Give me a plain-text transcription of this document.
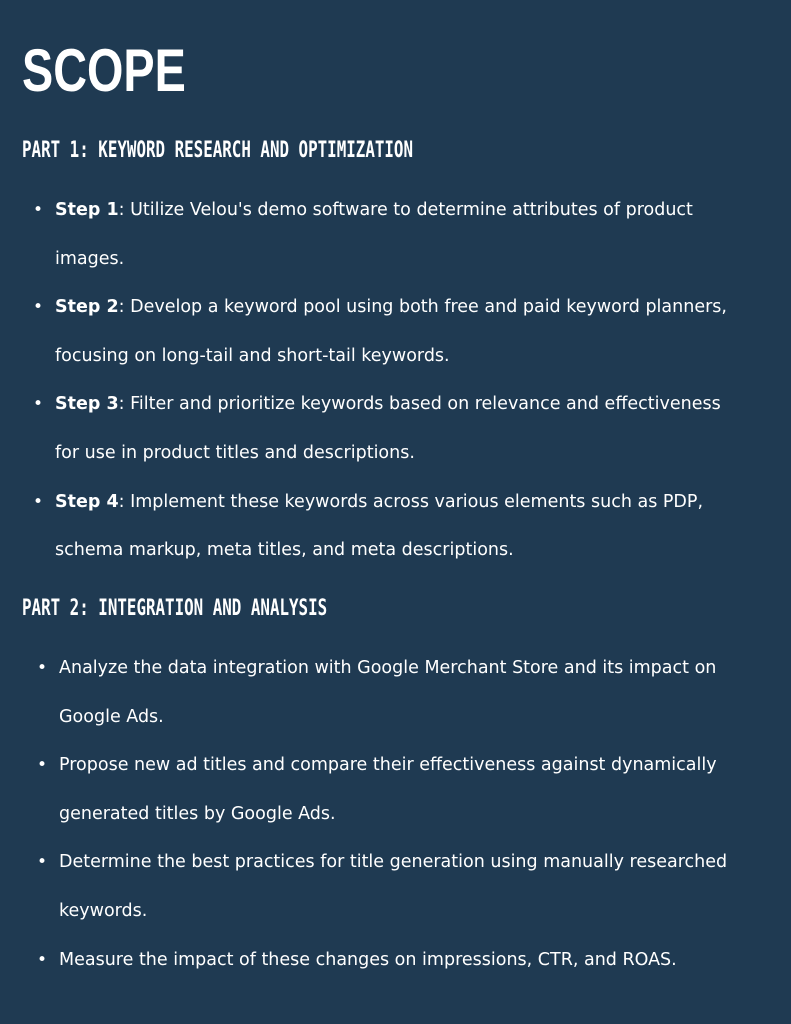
SCOPE
PART 1: KEYWORD RESEARCH AND OPTIMIZATION
• Step 1: Utilize Velou's demo software to determine attributes of product images.
• Step 2: Develop a keyword pool using both free and paid keyword planners, focusing on long-tail and short-tail keywords.
• Step 3: Filter and prioritize keywords based on relevance and effectiveness for use in product titles and descriptions.
• Step 4: Implement these keywords across various elements such as PDP, schema markup, meta titles, and meta descriptions.
PART 2: INTEGRATION AND ANALYSIS
• Analyze the data integration with Google Merchant Store and its impact on Google Ads.
• Propose new ad titles and compare their effectiveness against dynamically generated titles by Google Ads.
• Determine the best practices for title generation using manually researched keywords.
• Measure the impact of these changes on impressions, CTR, and ROAS.
